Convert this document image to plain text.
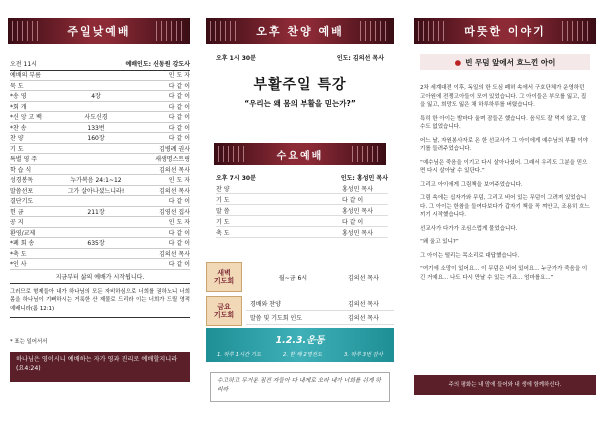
주일낮예배
오전 11시	예배인도: 신동원 강도사
예배의 부름	인 도 자
묵 도	다 같 이
*송 영	4장	다 같 이
*회 개	다 같 이
*신 앙 고 백	사도신경	다 같 이
*찬 송	133번	다 같 이
찬 양	160장	다 같 이
기 도	김병례 권사
특별 영 주	새생명스트링
학 습 식	김의선 목사
성경봉독	누가복음 24:1~12	인 도 자
말씀선포	그가 살아나셨느니라!	김의선 목사
결단기도	다 같 이
헌 금	211장	김영선 집사
공 지	인 도 자
환영/교제	다 같 이
*폐 회 송	635장	다 같 이
*축 도	김의선 목사
*인 사	다 같 이
지금부터 삶의 예배가 시작됩니다.
그러므로 형제들아 내가 하나님의 모든 자비하심으로 너희를 권하노니 너희 몸을 하나님이 기뻐하시는 거룩한 산 제물로 드리라 이는 너희가 드릴 영적 예배니라(롬 12:1)
* 표는 일어서서
하나님은 영이시니 예배하는 자가 영과 진리로 예배할지니라 (요4:24)
오후 찬양 예배
오후 1시 30분	인도: 김의선 목사
부활주일 특강
“우리는 왜 몸의 부활을 믿는가?”
수요예배
오후 7시 30분	인도: 홍성민 목사
찬 양	홍성민 목사
기 도	다 같 이
말 씀	홍성민 목사
기 도	다 같 이
축 도	홍성민 목사
새벽
기도회	월~금 6시	김의선 목사
금요
기도회
경배와 찬양	김의선 목사
말씀 및 기도회 인도	김의선 목사
1.2.3.운동
1. 하루 1시간 기도	2. 한 해 2명전도	3. 하루 3번 감사
수고하고 무거운 짐진 자들아 다 내게로 오라 내가 너희를 쉬게 하리라
따뜻한 이야기
● 빈 무덤 앞에서 흐느낀 아이

2차 세계대전 이후, 독일의 한 도심 폐허 속에서 구호단체가 운영하던 고아원에 전쟁고아들이 모여 있었습니다. 그 아이들은 부모를 잃고, 집을 잃고, 희망도 잃은 채 하루하루를 버텼습니다.

특히 한 아이는 밤마다 울며 잠들곤 했습니다. 음식도 잘 먹지 않고, 말수도 없었습니다.

어느 날, 자원봉사자로 온 한 선교사가 그 아이에게 예수님의 부활 이야기를 들려주었습니다.

“예수님은 죽음을 이기고 다시 살아나셨어. 그래서 우리도 그분을 믿으면 다시 살아날 수 있단다.”

그리고 아이에게 그림책을 보여주었습니다.

그림 속에는 십자가와 무덤, 그리고 비어 있는 무덤이 그려져 있었습니다. 그 아이는 한참을 들여다보다가 갑자기 책을 꼭 껴안고, 조용히 흐느끼기 시작했습니다.

선교사가 다가가 조심스럽게 물었습니다.

“왜 울고 있니?”

그 아이는 떨리는 목소리로 대답했습니다.

“여기에 소망이 있어요... 이 무덤은 비어 있어요... 누군가가 죽음을 이긴 거예요... 나도 다시 만날 수 있는 거죠... 엄마를요...”

주의 평화는 내 맘에 들어와 내 생에 함께하신다.
